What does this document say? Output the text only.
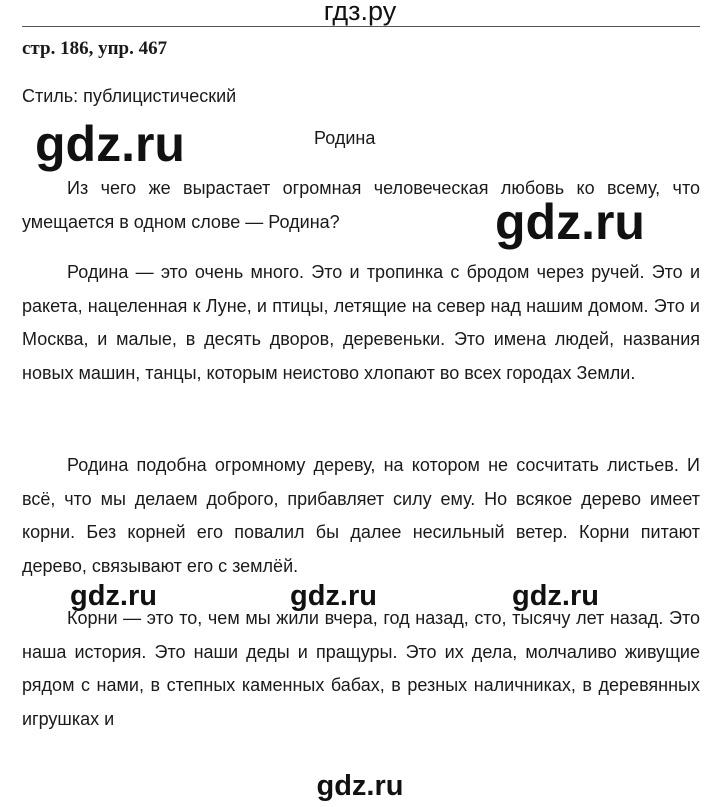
гдз.ру
стр. 186, упр. 467
Стиль: публицистический
Родина

Из чего же вырастает огромная человеческая любовь ко всему, что умещается в одном слове — Родина?

Родина — это очень много. Это и тропинка с бродом через ручей. Это и ракета, нацеленная к Луне, и птицы, летящие на север над нашим домом. Это и Москва, и малые, в десять дворов, деревеньки. Это имена людей, названия новых машин, танцы, которым неистово хлопают во всех городах Земли.

Родина подобна огромному дереву, на котором не сосчитать листьев. И всё, что мы делаем доброго, прибавляет силу ему. Но всякое дерево имеет корни. Без корней его повалил бы далее несильный ветер. Корни питают дерево, связывают его с землёй.

Корни — это то, чем мы жили вчера, год назад, сто, тысячу лет назад. Это наша история. Это наши деды и пращуры. Это их дела, молчаливо живущие рядом с нами, в степных каменных бабах, в резных наличниках, в деревянных игрушках и

gdz.ru
gdz.ru
gdz.ru	gdz.ru	gdz.ru
gdz.ru
